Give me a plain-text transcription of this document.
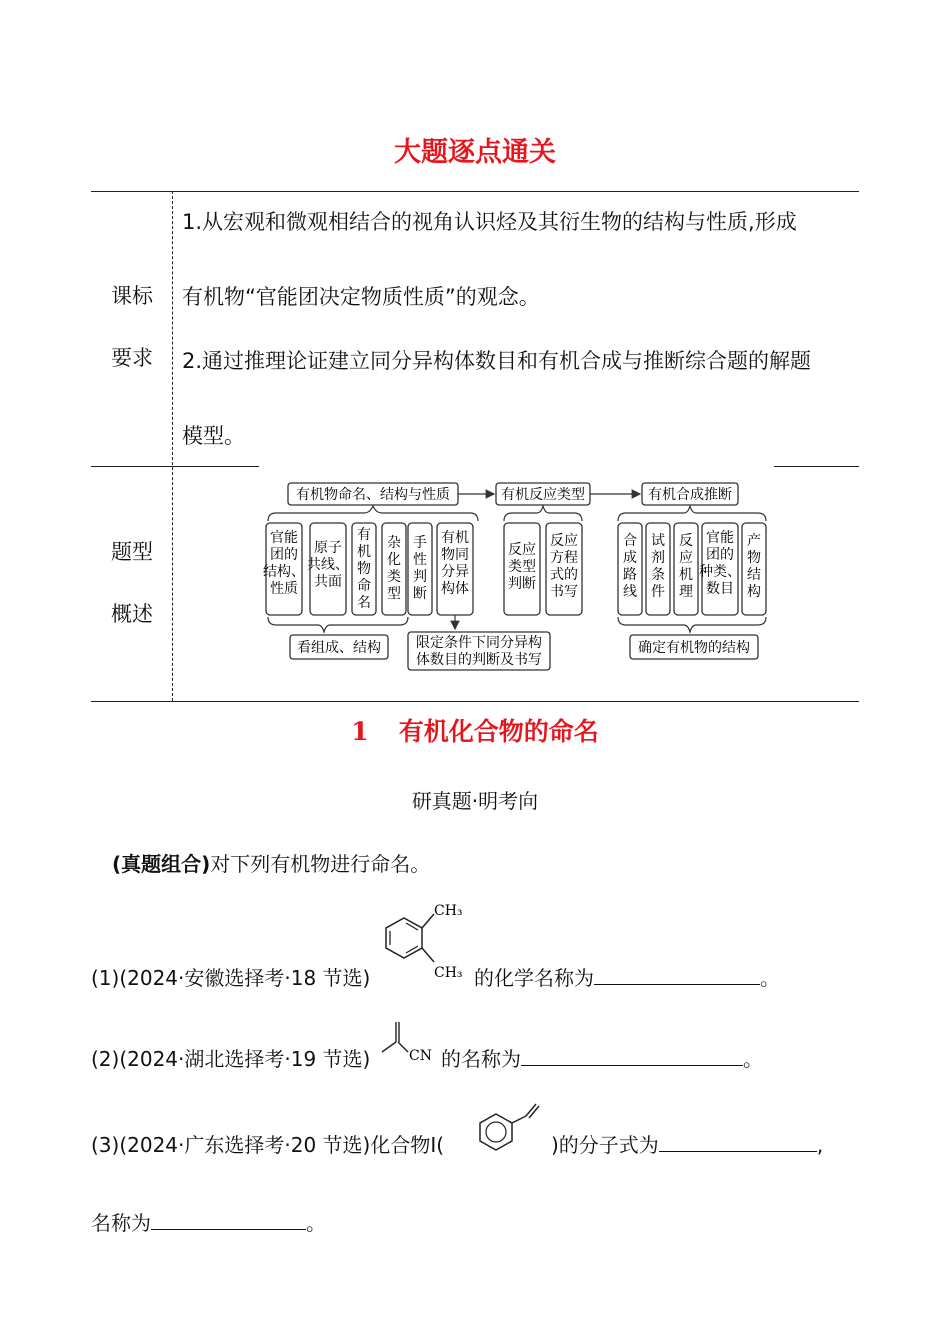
大题逐点通关
课标
要求
1.从宏观和微观相结合的视角认识烃及其衍生物的结构与性质,形成
有机物“官能团决定物质性质”的观念。
2.通过推理论证建立同分异构体数目和有机合成与推断综合题的解题
模型。
题型
概述
有机物命名、结构与性质	有机反应类型	有机合成推断
官能
团的
结构、
性质
原子
共线、
共面
有
机
物
命
名
杂
化
类
型
手
性
判
断
有机
物同
分异
构体
反应
类型
判断
反应
方程
式的
书写
合
成
路
线
试
剂
条
件
反
应
机
理
官能
团的
种类、
数目
产
物
结
构
看组成、结构	限定条件下同分异构
体数目的判断及书写
确定有机物的结构
1 有机化合物的命名
研真题·明考向
(真题组合)对下列有机物进行命名。
(1)(2024·安徽选择考·18 节选)
CH₃
CH₃ 的化学名称为	。
(2)(2024·湖北选择考·19 节选)	CN 的名称为	。
(3)(2024·广东选择考·20 节选)化合物Ⅰ(	)的分子式为	,
名称为	。
